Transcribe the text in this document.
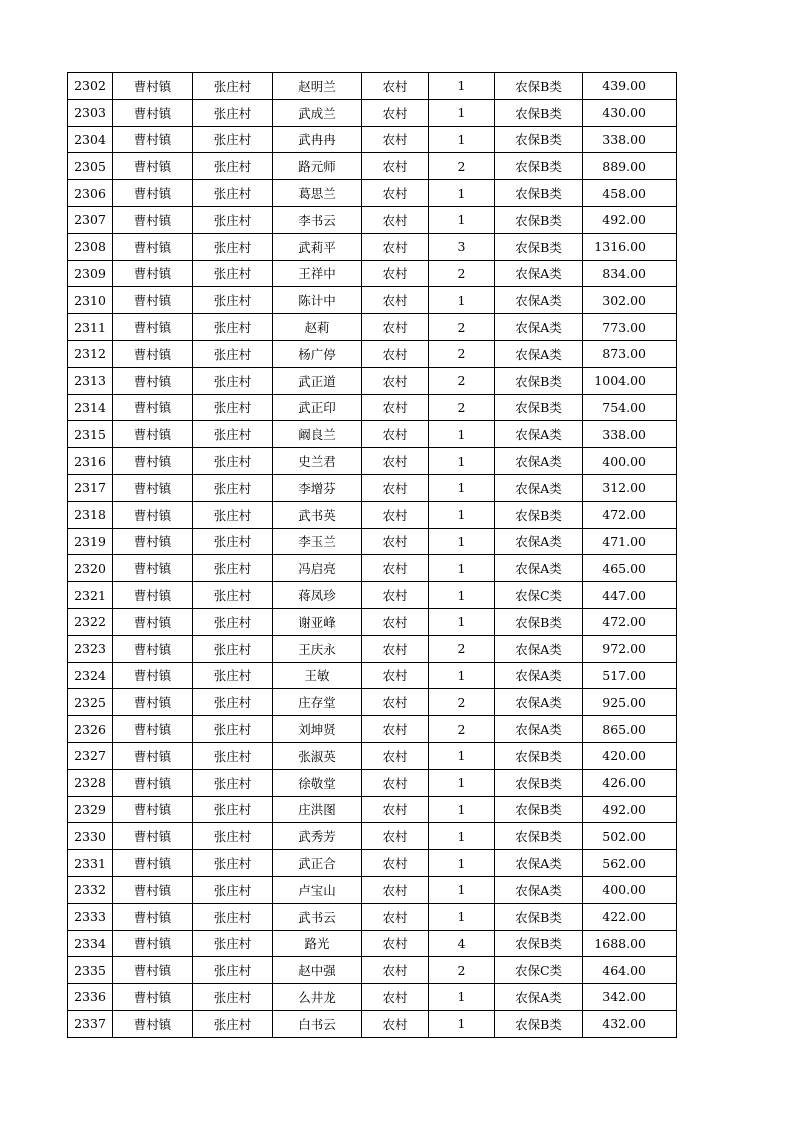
2302	曹村镇	张庄村	赵明兰	农村	1	农保B类	439.00
2303	曹村镇	张庄村	武成兰	农村	1	农保B类	430.00
2304	曹村镇	张庄村	武冉冉	农村	1	农保B类	338.00
2305	曹村镇	张庄村	路元师	农村	2	农保B类	889.00
2306	曹村镇	张庄村	葛思兰	农村	1	农保B类	458.00
2307	曹村镇	张庄村	李书云	农村	1	农保B类	492.00
2308	曹村镇	张庄村	武莉平	农村	3	农保B类	1316.00
2309	曹村镇	张庄村	王祥中	农村	2	农保A类	834.00
2310	曹村镇	张庄村	陈计中	农村	1	农保A类	302.00
2311	曹村镇	张庄村	赵莉	农村	2	农保A类	773.00
2312	曹村镇	张庄村	杨广停	农村	2	农保A类	873.00
2313	曹村镇	张庄村	武正道	农村	2	农保B类	1004.00
2314	曹村镇	张庄村	武正印	农村	2	农保B类	754.00
2315	曹村镇	张庄村	阚良兰	农村	1	农保A类	338.00
2316	曹村镇	张庄村	史兰君	农村	1	农保A类	400.00
2317	曹村镇	张庄村	李增芬	农村	1	农保A类	312.00
2318	曹村镇	张庄村	武书英	农村	1	农保B类	472.00
2319	曹村镇	张庄村	李玉兰	农村	1	农保A类	471.00
2320	曹村镇	张庄村	冯启亮	农村	1	农保A类	465.00
2321	曹村镇	张庄村	蒋凤珍	农村	1	农保C类	447.00
2322	曹村镇	张庄村	谢亚峰	农村	1	农保B类	472.00
2323	曹村镇	张庄村	王庆永	农村	2	农保A类	972.00
2324	曹村镇	张庄村	王敏	农村	1	农保A类	517.00
2325	曹村镇	张庄村	庄存堂	农村	2	农保A类	925.00
2326	曹村镇	张庄村	刘坤贤	农村	2	农保A类	865.00
2327	曹村镇	张庄村	张淑英	农村	1	农保B类	420.00
2328	曹村镇	张庄村	徐敬堂	农村	1	农保B类	426.00
2329	曹村镇	张庄村	庄洪图	农村	1	农保B类	492.00
2330	曹村镇	张庄村	武秀芳	农村	1	农保B类	502.00
2331	曹村镇	张庄村	武正合	农村	1	农保A类	562.00
2332	曹村镇	张庄村	卢宝山	农村	1	农保A类	400.00
2333	曹村镇	张庄村	武书云	农村	1	农保B类	422.00
2334	曹村镇	张庄村	路光	农村	4	农保B类	1688.00
2335	曹村镇	张庄村	赵中强	农村	2	农保C类	464.00
2336	曹村镇	张庄村	么井龙	农村	1	农保A类	342.00
2337	曹村镇	张庄村	白书云	农村	1	农保B类	432.00
